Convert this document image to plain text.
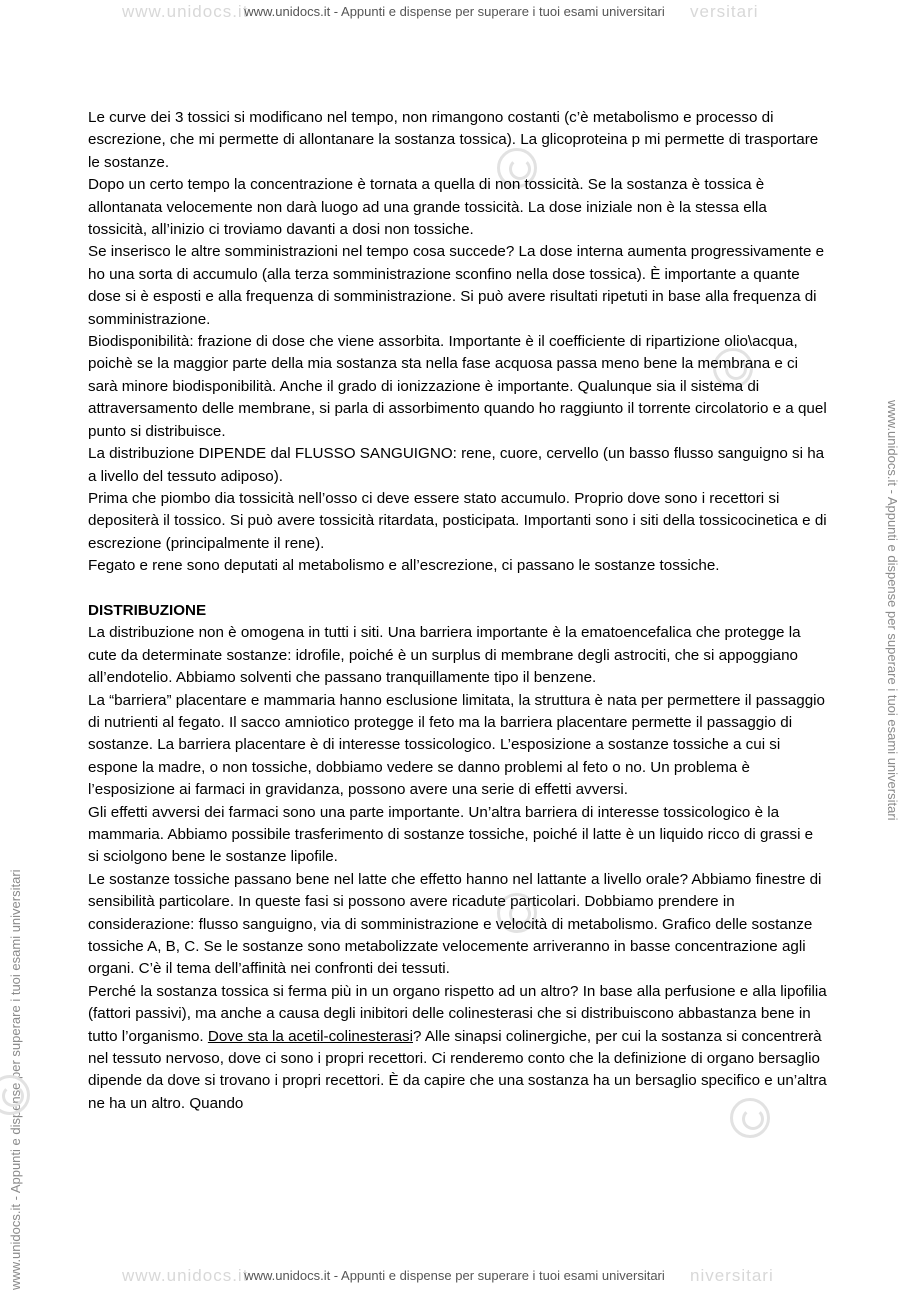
www.unidocs.it	versitari
www.unidocs.it - Appunti e dispense per superare i tuoi esami universitari
www.unidocs.it	niversitari
www.unidocs.it - Appunti e dispense per superare i tuoi esami universitari
www.unidocs.it - Appunti e dispense per superare i tuoi esami universitari
www.unidocs.it - Appunti e dispense per superare i tuoi esami universitari

Le curve dei 3 tossici si modificano nel tempo, non rimangono costanti (c’è metabolismo e processo di escrezione, che mi permette di allontanare la sostanza tossica). La glicoproteina p mi permette di trasportare le sostanze.

Dopo un certo tempo la concentrazione è tornata a quella di non tossicità. Se la sostanza è tossica è allontanata velocemente non darà luogo ad una grande tossicità. La dose iniziale non è la stessa ella tossicità, all’inizio ci troviamo davanti a dosi non tossiche.

Se inserisco le altre somministrazioni nel tempo cosa succede? La dose interna aumenta progressivamente e ho una sorta di accumulo (alla terza somministrazione sconfino nella dose tossica). È importante a quante dose si è esposti e alla frequenza di somministrazione. Si può avere risultati ripetuti in base alla frequenza di somministrazione.

Biodisponibilità: frazione di dose che viene assorbita. Importante è il coefficiente di ripartizione olio\acqua, poichè se la maggior parte della mia sostanza sta nella fase acquosa passa meno bene la membrana e ci sarà minore biodisponibilità. Anche il grado di ionizzazione è importante. Qualunque sia il sistema di attraversamento delle membrane, si parla di assorbimento quando ho raggiunto il torrente circolatorio e a quel punto si distribuisce.

La distribuzione DIPENDE dal FLUSSO SANGUIGNO: rene, cuore, cervello (un basso flusso sanguigno si ha a livello del tessuto adiposo).

Prima che piombo dia tossicità nell’osso ci deve essere stato accumulo. Proprio dove sono i recettori si depositerà il tossico. Si può avere tossicità ritardata, posticipata. Importanti sono i siti della tossicocinetica e di escrezione (principalmente il rene).

Fegato e rene sono deputati al metabolismo e all’escrezione, ci passano le sostanze tossiche.

DISTRIBUZIONE

La distribuzione non è omogena in tutti i siti. Una barriera importante è la ematoencefalica che protegge la cute da determinate sostanze: idrofile, poiché è un surplus di membrane degli astrociti, che si appoggiano all’endotelio. Abbiamo solventi che passano tranquillamente tipo il benzene.

La “barriera” placentare e mammaria hanno esclusione limitata, la struttura è nata per permettere il passaggio di nutrienti al fegato. Il sacco amniotico protegge il feto ma la barriera placentare permette il passaggio di sostanze. La barriera placentare è di interesse tossicologico. L’esposizione a sostanze tossiche a cui si espone la madre, o non tossiche, dobbiamo vedere se danno problemi al feto o no. Un problema è l’esposizione ai farmaci in gravidanza, possono avere una serie di effetti avversi.

Gli effetti avversi dei farmaci sono una parte importante. Un’altra barriera di interesse tossicologico è la mammaria. Abbiamo possibile trasferimento di sostanze tossiche, poiché il latte è un liquido ricco di grassi e si sciolgono bene le sostanze lipofile.

Le sostanze tossiche passano bene nel latte che effetto hanno nel lattante a livello orale? Abbiamo finestre di sensibilità particolare. In queste fasi si possono avere ricadute particolari. Dobbiamo prendere in considerazione: flusso sanguigno, via di somministrazione e velocità di metabolismo. Grafico delle sostanze tossiche A, B, C. Se le sostanze sono metabolizzate velocemente arriveranno in basse concentrazione agli organi. C’è il tema dell’affinità nei confronti dei tessuti.

Perché la sostanza tossica si ferma più in un organo rispetto ad un altro? In base alla perfusione e alla lipofilia (fattori passivi), ma anche a causa degli inibitori delle colinesterasi che si distribuiscono abbastanza bene in tutto l’organismo. Dove sta la acetil-colinesterasi? Alle sinapsi colinergiche, per cui la sostanza si concentrerà nel tessuto nervoso, dove ci sono i propri recettori. Ci renderemo conto che la definizione di organo bersaglio dipende da dove si trovano i propri recettori. È da capire che una sostanza ha un bersaglio specifico e un’altra ne ha un altro. Quando
